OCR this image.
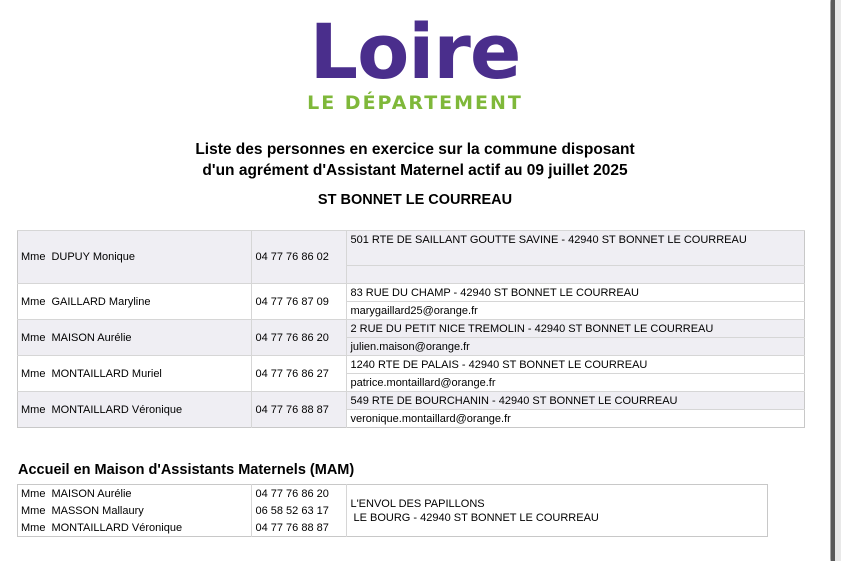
Loire
LE DÉPARTEMENT
Liste des personnes en exercice sur la commune disposant
d'un agrément d'Assistant Maternel actif au 09 juillet 2025
ST BONNET LE COURREAU
Mme	DUPUY Monique	04 77 76 86 02	501 RTE DE SAILLANT GOUTTE SAVINE - 42940 ST BONNET LE COURREAU

Mme	GAILLARD Maryline	04 77 76 87 09	83 RUE DU CHAMP - 42940 ST BONNET LE COURREAU
			marygaillard25@orange.fr
Mme	MAISON Aurélie	04 77 76 86 20	2 RUE DU PETIT NICE TREMOLIN - 42940 ST BONNET LE COURREAU
			julien.maison@orange.fr
Mme	MONTAILLARD Muriel	04 77 76 86 27	1240 RTE DE PALAIS - 42940 ST BONNET LE COURREAU
			patrice.montaillard@orange.fr
Mme	MONTAILLARD Véronique	04 77 76 88 87	549 RTE DE BOURCHANIN - 42940 ST BONNET LE COURREAU
			veronique.montaillard@orange.fr
Accueil en Maison d'Assistants Maternels (MAM)
Mme	MAISON Aurélie	04 77 76 86 20	L'ENVOL DES PAPILLONS
LE BOURG - 42940 ST BONNET LE COURREAU

Mme	MASSON Mallaury	06 58 52 63 17	
Mme	MONTAILLARD Véronique	04 77 76 88 87	
